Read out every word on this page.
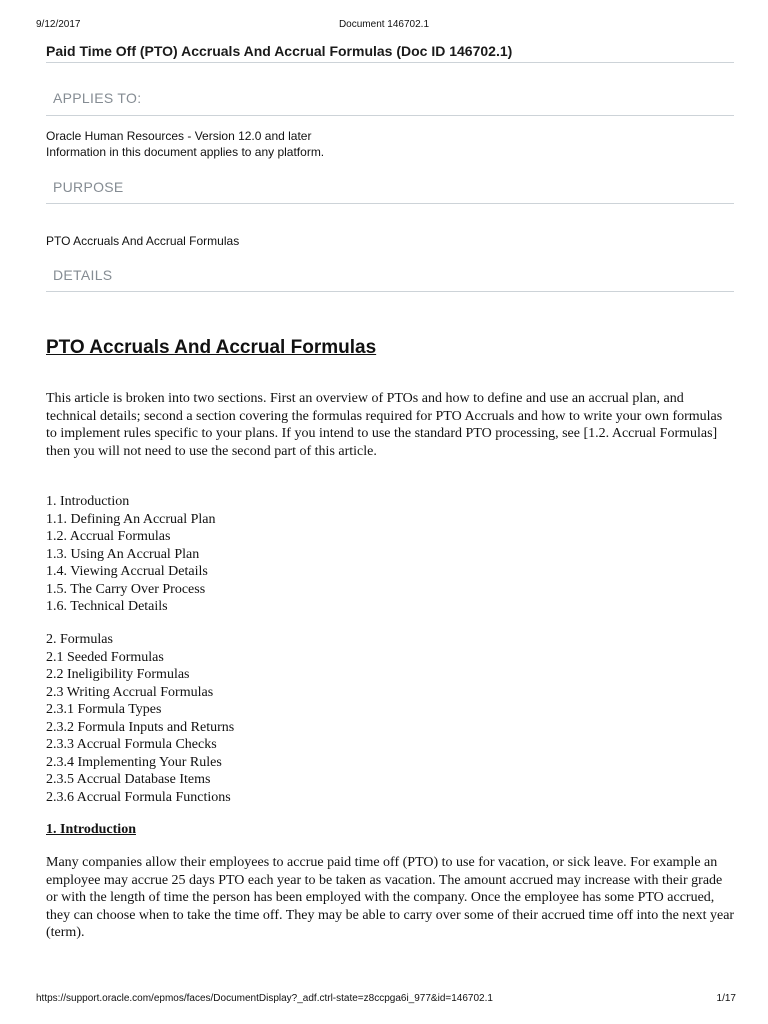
9/12/2017	Document 146702.1
Paid Time Off (PTO) Accruals And Accrual Formulas (Doc ID 146702.1)
APPLIES TO:
Oracle Human Resources - Version 12.0 and later
Information in this document applies to any platform.
PURPOSE
PTO Accruals And Accrual Formulas
DETAILS
PTO Accruals And Accrual Formulas
This article is broken into two sections. First an overview of PTOs and how to define and use an accrual plan, and technical details; second a section covering the formulas required for PTO Accruals and how to write your own formulas to implement rules specific to your plans. If you intend to use the standard PTO processing, see [1.2. Accrual Formulas] then you will not need to use the second part of this article.
1. Introduction
1.1. Defining An Accrual Plan
1.2. Accrual Formulas
1.3. Using An Accrual Plan
1.4. Viewing Accrual Details
1.5. The Carry Over Process
1.6. Technical Details
2. Formulas
2.1 Seeded Formulas
2.2 Ineligibility Formulas
2.3 Writing Accrual Formulas
2.3.1 Formula Types
2.3.2 Formula Inputs and Returns
2.3.3 Accrual Formula Checks
2.3.4 Implementing Your Rules
2.3.5 Accrual Database Items
2.3.6 Accrual Formula Functions
1. Introduction
Many companies allow their employees to accrue paid time off (PTO) to use for vacation, or sick leave. For example an employee may accrue 25 days PTO each year to be taken as vacation. The amount accrued may increase with their grade or with the length of time the person has been employed with the company. Once the employee has some PTO accrued, they can choose when to take the time off. They may be able to carry over some of their accrued time off into the next year (term).
https://support.oracle.com/epmos/faces/DocumentDisplay?_adf.ctrl-state=z8ccpga6i_977&id=146702.1	1/17
